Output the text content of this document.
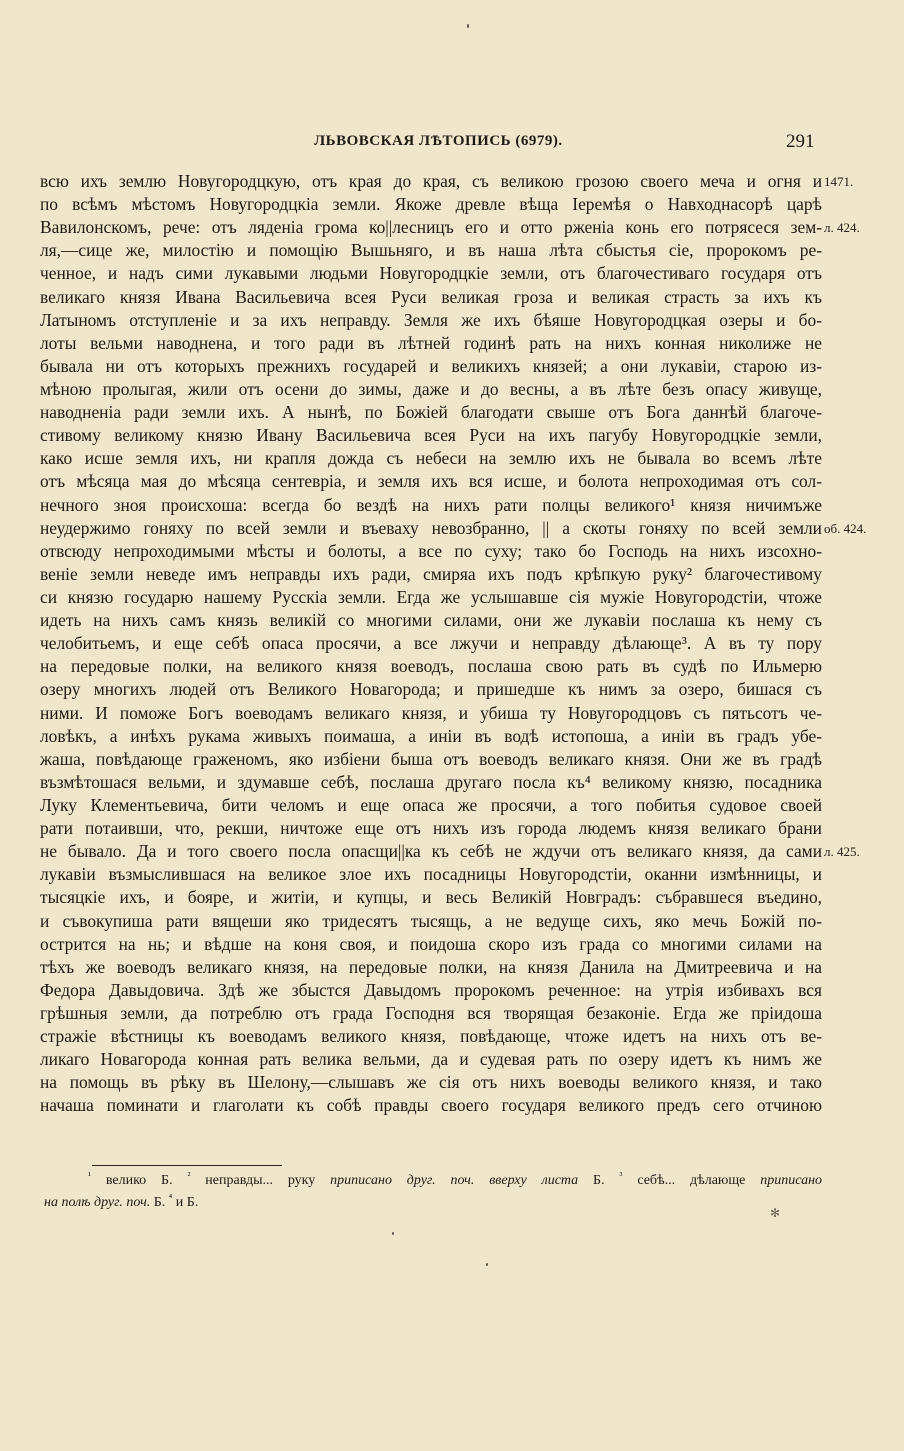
ЛЬВОВСКАЯ ЛѢТОПИСЬ (6979).	291
всю ихъ землю Новугородцкую, отъ края до края, съ великою грозою своего меча и огня и
по всѣмъ мѣстомъ Новугородцкіа земли. Якоже древле вѣща Іеремѣя о Навходнасорѣ царѣ
Вавилонскомъ, рече: отъ ляденіа грома ко||лесницъ его и отто рженіа конь его потрясеся зем-
ля,—сице же, милостію и помощію Вышьняго, и въ наша лѣта сбыстья сіе, пророкомъ ре-
ченное, и надъ сими лукавыми людьми Новугородцкіе земли, отъ благочестиваго государя отъ
великаго князя Ивана Васильевича всея Руси великая гроза и великая страсть за ихъ къ
Латыномъ отступленіе и за ихъ неправду. Земля же ихъ бѣяше Новугородцкая озеры и бо-
лоты вельми наводнена, и того ради въ лѣтней годинѣ рать на нихъ конная николиже не
бывала ни отъ которыхъ прежнихъ государей и великихъ князей; а они лукавіи, старою из-
мѣною пролыгая, жили отъ осени до зимы, даже и до весны, а въ лѣте безъ опасу живуще,
наводненіа ради земли ихъ. А нынѣ, по Божіей благодати свыше отъ Бога даннѣй благоче-
стивому великому князю Ивану Васильевича всея Руси на ихъ пагубу Новугородцкіе земли,
како исше земля ихъ, ни крапля дожда съ небеси на землю ихъ не бывала во всемъ лѣте
отъ мѣсяца мая до мѣсяца сентевріа, и земля ихъ вся исше, и болота непроходимая отъ сол-
нечного зноя происхоша: всегда бо вездѣ на нихъ рати полцы великого¹ князя ничимъже
неудержимо гоняху по всей земли и въеваху невозбранно, || а скоты гоняху по всей земли
отвсюду непроходимыми мѣсты и болоты, а все по суху; тако бо Господь на нихъ изсохно-
веніе земли неведе имъ неправды ихъ ради, смиряа ихъ подъ крѣпкую руку² благочестивому
си князю государю нашему Русскіа земли. Егда же услышавше сія мужіе Новугородстіи, чтоже
идеть на нихъ самъ князь великій со многими силами, они же лукавіи послаша къ нему съ
челобитьемъ, и еще себѣ опаса просячи, а все лжучи и неправду дѣлающе³. А въ ту пору
на передовые полки, на великого князя воеводъ, послаша свою рать въ судѣ по Ильмерю
озеру многихъ людей отъ Великого Новагорода; и пришедше къ нимъ за озеро, бишася съ
ними. И поможе Богъ воеводамъ великаго князя, и убиша ту Новугородцовъ съ пятьсотъ че-
ловѣкъ, а инѣхъ рукама живыхъ поимаша, а иніи въ водѣ истопоша, а иніи въ градъ убе-
жаша, повѣдающе граженомъ, яко избіени быша отъ воеводъ великаго князя. Они же въ градѣ
възмѣтошася вельми, и здумавше себѣ, послаша другаго посла къ⁴ великому князю, посадника
Луку Клементьевича, бити челомъ и еще опаса же просячи, а того побитья судовое своей
рати потаивши, что, рекши, ничтоже еще отъ нихъ изъ города людемъ князя великаго брани
не бывало. Да и того своего посла опасщи||ка къ себѣ не ждучи отъ великаго князя, да сами
лукавіи възмыслившася на великое злое ихъ посадницы Новугородстіи, оканни измѣнницы, и
тысяцкіе ихъ, и бояре, и житіи, и купцы, и весь Великій Новградъ: събравшеся въедино,
и съвокупиша рати вящеши яко тридесятъ тысящь, а не ведуще сихъ, яко мечь Божій по-
острится на нь; и вѣдше на коня своя, и поидоша скоро изъ града со многими силами на
тѣхъ же воеводъ великаго князя, на передовые полки, на князя Данила на Дмитреевича и на
Федора Давыдовича. Здѣ же збыстся Давыдомъ пророкомъ реченное: на утрія избивахъ вся
грѣшныя земли, да потреблю отъ града Господня вся творящая безаконіе. Егда же пріидоша
стражіе вѣстницы къ воеводамъ великого князя, повѣдающе, чтоже идетъ на нихъ отъ ве-
ликаго Новагорода конная рать велика вельми, да и судевая рать по озеру идетъ къ нимъ же
на помощь въ рѣку въ Шелону,—слышавъ же сія отъ нихъ воеводы великого князя, и тако
начаша поминати и глаголати къ собѣ правды своего государя великого предъ сего отчиною
1471.
л. 424.
об. 424.
л. 425.
$^{^1}$ велико Б. $^{^2}$ неправды... руку приписано друг. поч. вверху листа Б. $^{^3}$ себѣ... дѣлающе приписано
на полѣ друг. поч. Б. $^{^4}$ и Б.
✻
